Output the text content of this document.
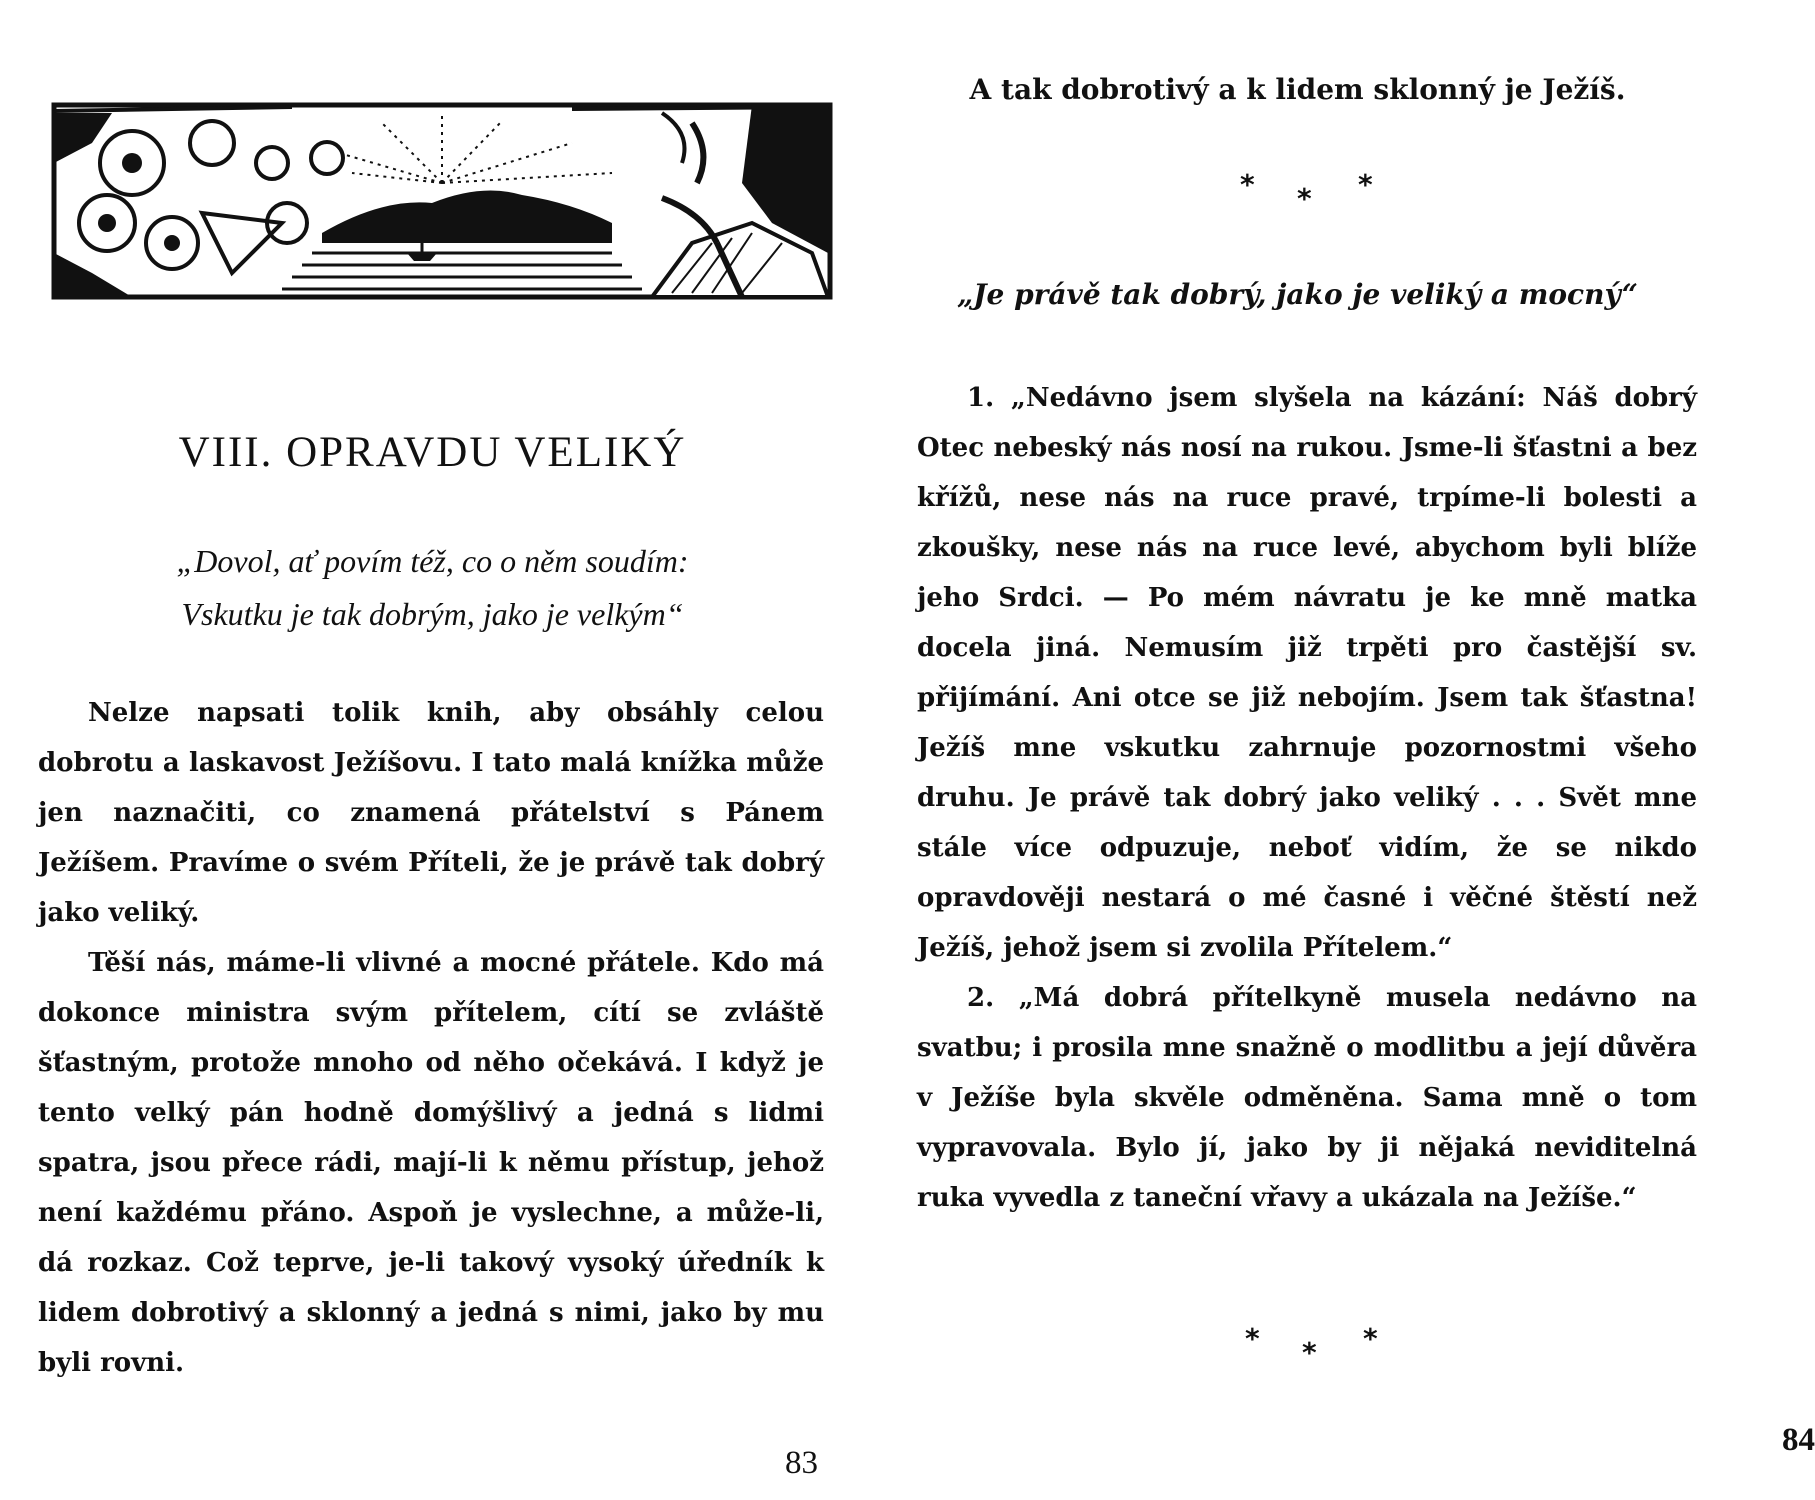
VIII. OPRAVDU VELIKÝ
„Dovol, ať povím též, co o něm soudím:
Vskutku je tak dobrým, jako je velkým“

Nelze napsati tolik knih, aby obsáhly celou dobrotu a laskavost Ježíšovu. I tato malá knížka může jen naznačiti, co znamená přátelství s Pánem Ježíšem. Pravíme o svém Příteli, že je právě tak dobrý jako veliký.

Těší nás, máme-li vlivné a mocné přátele. Kdo má dokonce ministra svým přítelem, cítí se zvláště šťastným, protože mnoho od něho očekává. I když je tento velký pán hodně domýšlivý a jedná s lidmi spatra, jsou přece rádi, mají-li k němu přístup, jehož není každému přáno. Aspoň je vyslechne, a může-li, dá rozkaz. Což teprve, je-li takový vysoký úředník k lidem dobrotivý a sklonný a jedná s nimi, jako by mu byli rovni.

83
A tak dobrotivý a k lidem sklonný je Ježíš.
* * *
„Je právě tak dobrý, jako je veliký a mocný“

1. „Nedávno jsem slyšela na kázání: Náš dobrý Otec nebeský nás nosí na rukou. Jsme-li šťastni a bez křížů, nese nás na ruce pravé, trpíme-li bolesti a zkoušky, nese nás na ruce levé, abychom byli blíže jeho Srdci. — Po mém návratu je ke mně matka docela jiná. Nemusím již trpěti pro častější sv. přijímání. Ani otce se již nebojím. Jsem tak šťastna! Ježíš mne vskutku zahrnuje pozornostmi všeho druhu. Je právě tak dobrý jako veliký . . . Svět mne stále více odpuzuje, neboť vidím, že se nikdo opravdověji nestará o mé časné i věčné štěstí než Ježíš, jehož jsem si zvolila Přítelem.“

2. „Má dobrá přítelkyně musela nedávno na svatbu; i prosila mne snažně o modlitbu a její důvěra v Ježíše byla skvěle odměněna. Sama mně o tom vypravovala. Bylo jí, jako by ji nějaká neviditelná ruka vyvedla z taneční vřavy a ukázala na Ježíše.“

* * *
84
